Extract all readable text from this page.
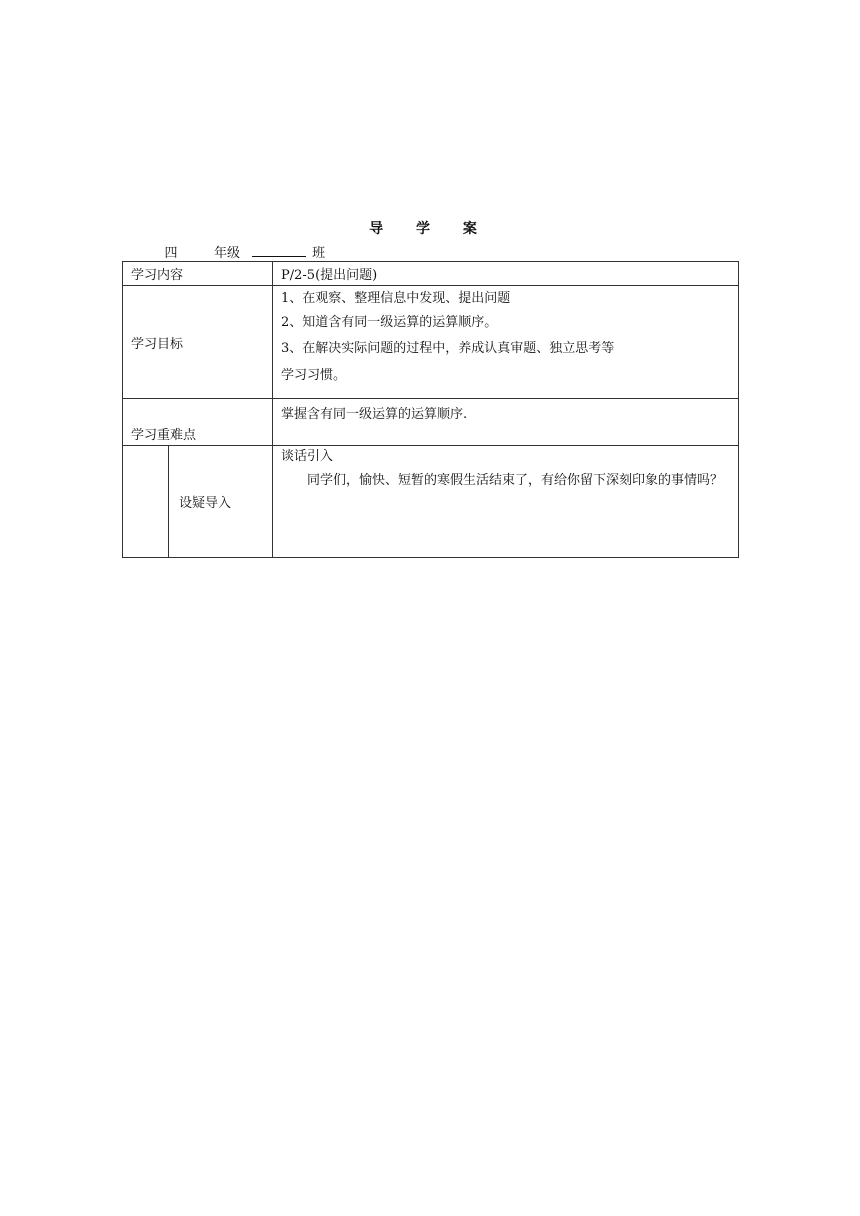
导 学 案
四	年级	班
学习内容		P/2-5(提出问题)
学习目标		1、在观察、整理信息中发现、提出问题
2、知道含有同一级运算的运算顺序。
3、在解决实际问题的过程中，养成认真审题、独立思考等
学习习惯。

学习重难点		掌握含有同一级运算的运算顺序.

	设疑导入	谈话引入
同学们，愉快、短暂的寒假生活结束了，有给你留下深刻印象的事情吗？
